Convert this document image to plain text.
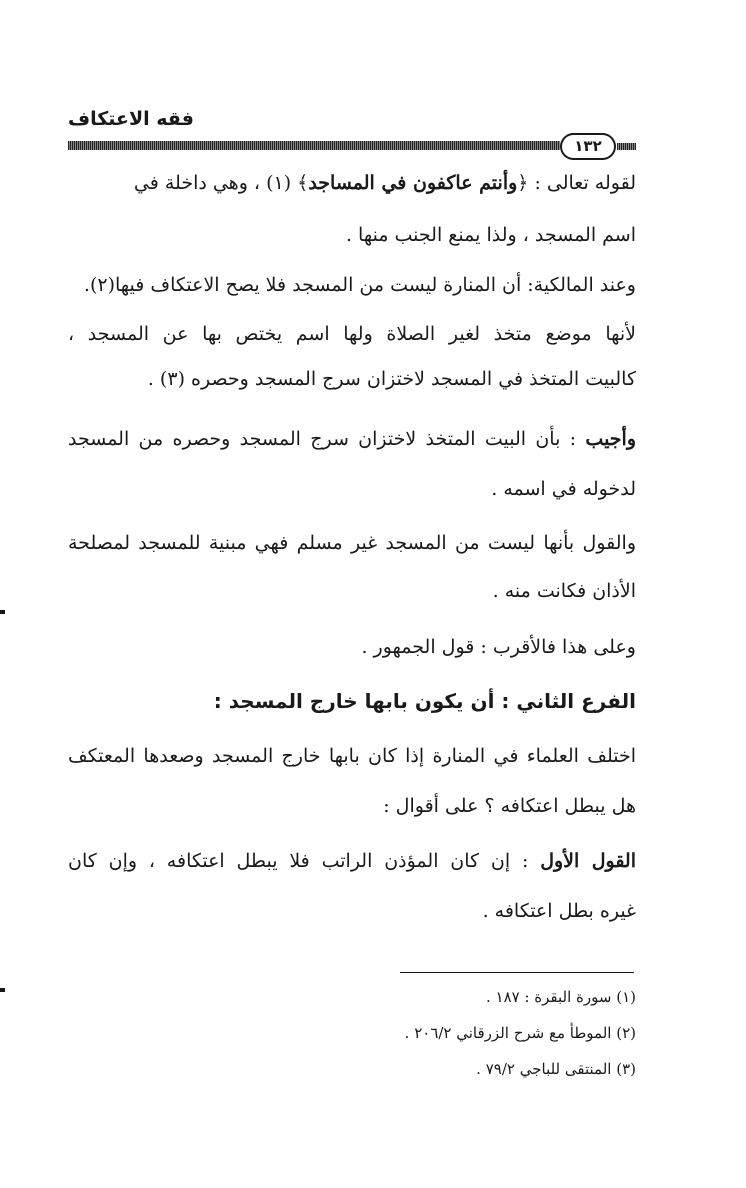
فقه الاعتكاف
١٣٢
لقوله تعالى : ﴿وأنتم عاكفون في المساجد﴾ (١) ، وهي داخلة في
اسم المسجد ، ولذا يمنع الجنب منها .
وعند المالكية: أن المنارة ليست من المسجد فلا يصح الاعتكاف فيها(٢).
لأنها موضع متخذ لغير الصلاة ولها اسم يختص بها عن المسجد ،
كالبيت المتخذ في المسجد لاختزان سرج المسجد وحصره (٣) .
وأجيب : بأن البيت المتخذ لاختزان سرج المسجد وحصره من المسجد
لدخوله في اسمه .
والقول بأنها ليست من المسجد غير مسلم فهي مبنية للمسجد لمصلحة
الأذان فكانت منه .
وعلى هذا فالأقرب : قول الجمهور .
الفرع الثاني : أن يكون بابها خارج المسجد :
اختلف العلماء في المنارة إذا كان بابها خارج المسجد وصعدها المعتكف
هل يبطل اعتكافه ؟ على أقوال :
القول الأول : إن كان المؤذن الراتب فلا يبطل اعتكافه ، وإن كان
غيره بطل اعتكافه .
(١) سورة البقرة : ١٨٧ .
(٢) الموطأ مع شرح الزرقاني ٢٠٦/٢ .
(٣) المنتقى للباجي ٧٩/٢ .
